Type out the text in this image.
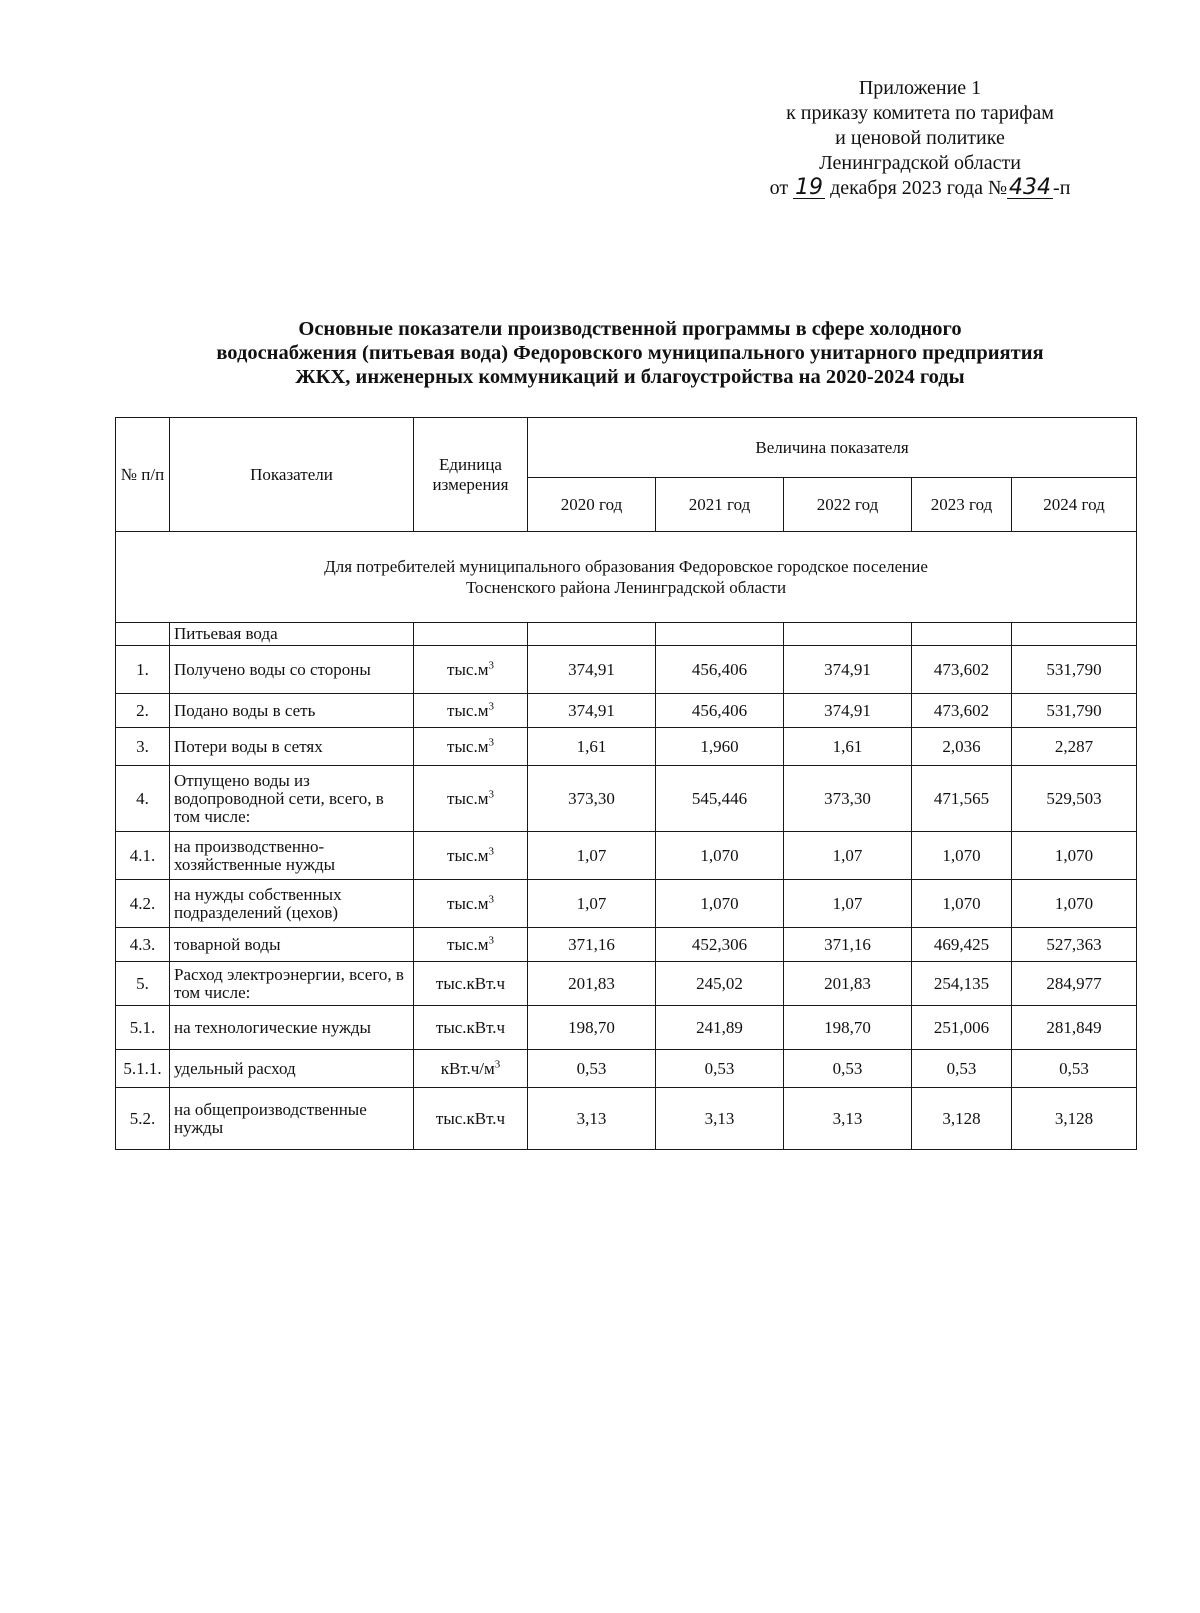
Приложение 1
к приказу комитета по тарифам
и ценовой политике
Ленинградской области
от 19 декабря 2023 года №434 -п
Основные показатели производственной программы в сфере холодного
водоснабжения (питьевая вода) Федоровского муниципального унитарного предприятия
ЖКХ, инженерных коммуникаций и благоустройства на 2020-2024 годы
№ п/п	Показатели	Единица измерения	Величина показателя				
			2020 год	2021 год	2022 год	2023 год	2024 год
Для потребителей муниципального образования Федоровское городское поселение
Тосненского района Ленинградской области							
	Питьевая вода						
1.	Получено воды со стороны	$тыс.м^3$	374,91	456,406	374,91	473,602	531,790
2.	Подано воды в сеть	$тыс.м^3$	374,91	456,406	374,91	473,602	531,790
3.	Потери воды в сетях	$тыс.м^3$	1,61	1,960	1,61	2,036	2,287
4.	Отпущено воды из водопроводной сети, всего, в том числе:	$тыс.м^3$	373,30	545,446	373,30	471,565	529,503
4.1.	на производственно-хозяйственные нужды	$тыс.м^3$	1,07	1,070	1,07	1,070	1,070
4.2.	на нужды собственных подразделений (цехов)	$тыс.м^3$	1,07	1,070	1,07	1,070	1,070
4.3.	товарной воды	$тыс.м^3$	371,16	452,306	371,16	469,425	527,363
5.	Расход электроэнергии, всего, в том числе:	тыс.кВт.ч	201,83	245,02	201,83	254,135	284,977
5.1.	на технологические нужды	тыс.кВт.ч	198,70	241,89	198,70	251,006	281,849
5.1.1.	удельный расход	$кВт.ч/м^3$	0,53	0,53	0,53	0,53	0,53
5.2.	на общепроизводственные нужды	тыс.кВт.ч	3,13	3,13	3,13	3,128	3,128
